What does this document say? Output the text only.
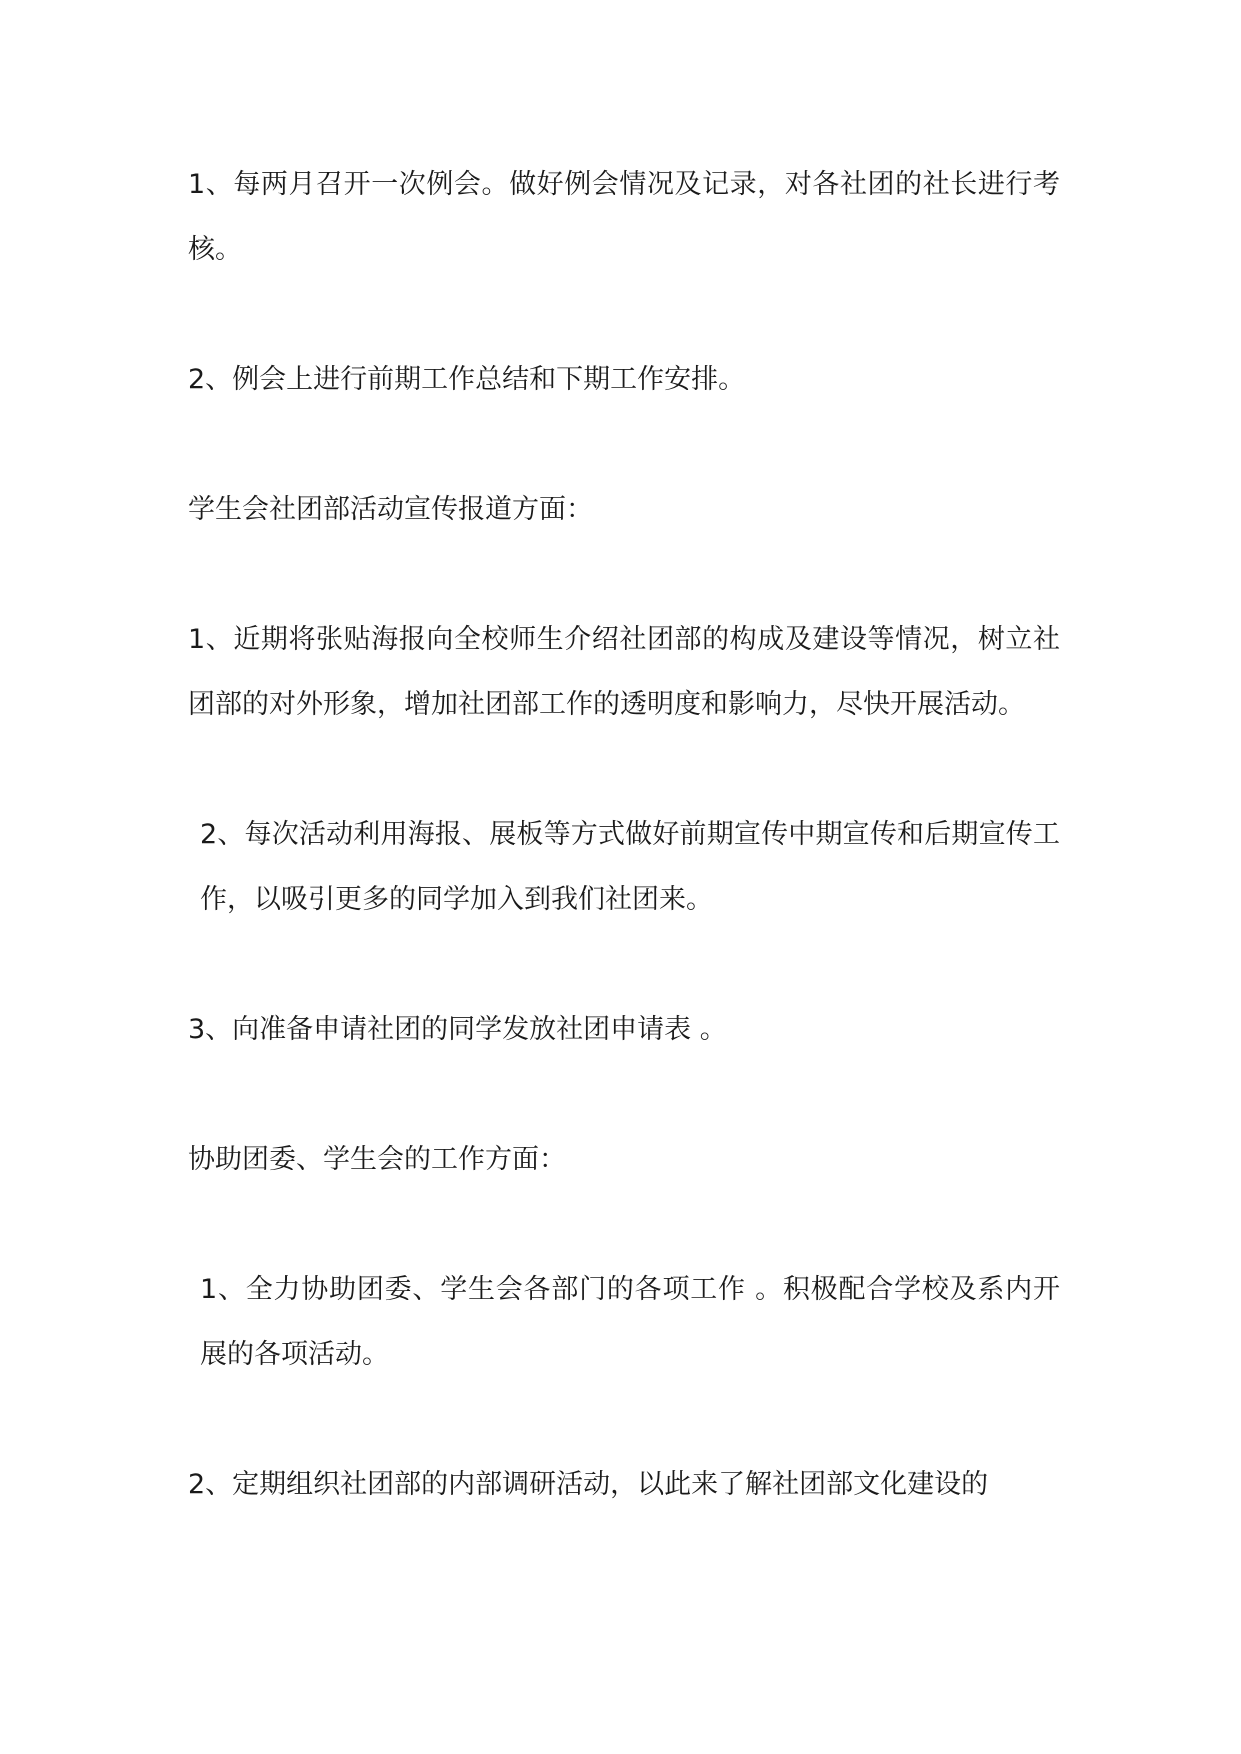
1、每两月召开一次例会。做好例会情况及记录，对各社团的社长进行考核。

2、例会上进行前期工作总结和下期工作安排。

学生会社团部活动宣传报道方面：

1、近期将张贴海报向全校师生介绍社团部的构成及建设等情况，树立社团部的对外形象，增加社团部工作的透明度和影响力，尽快开展活动。

2、每次活动利用海报、展板等方式做好前期宣传中期宣传和后期宣传工作，以吸引更多的同学加入到我们社团来。

3、向准备申请社团的同学发放社团申请表 。

协助团委、学生会的工作方面：

1、全力协助团委、学生会各部门的各项工作 。积极配合学校及系内开展的各项活动。

2、定期组织社团部的内部调研活动，以此来了解社团部文化建设的
